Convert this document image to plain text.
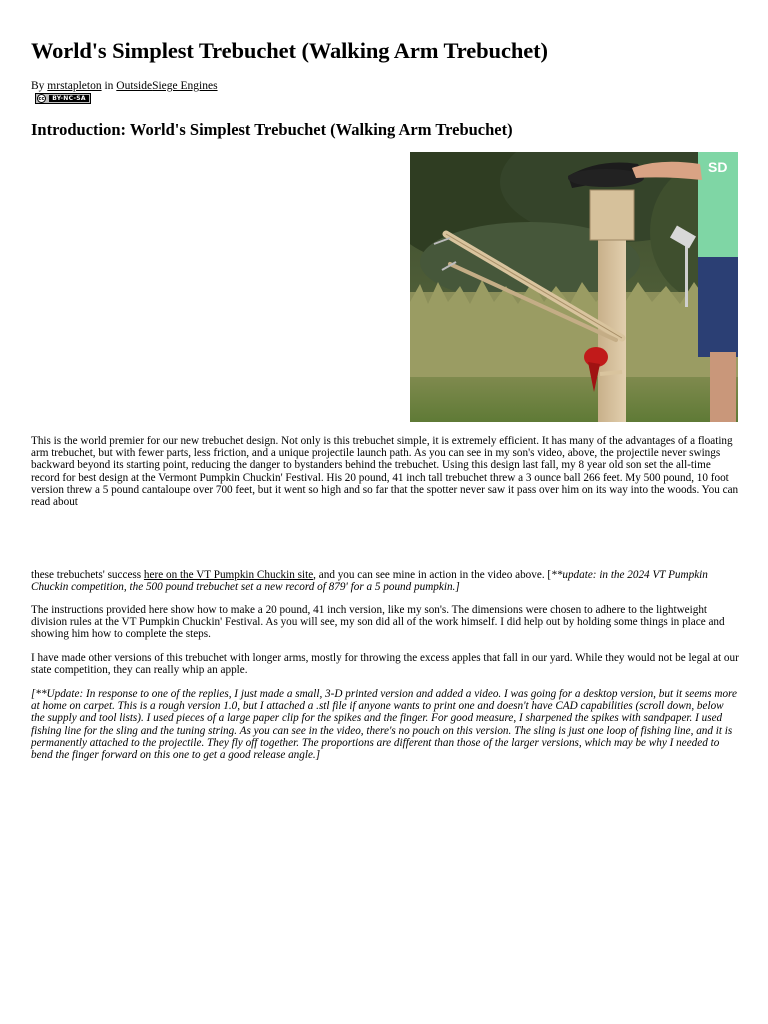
World's Simplest Trebuchet (Walking Arm Trebuchet)
By mrstapleton in OutsideSiege Engines
cc	BY-NC-SA
Introduction: World's Simplest Trebuchet (Walking Arm Trebuchet)
SD

This is the world premier for our new trebuchet design. Not only is this trebuchet simple, it is extremely efficient. It has many of the advantages of a floating arm trebuchet, but with fewer parts, less friction, and a unique projectile launch path. As you can see in my son's video, above, the projectile never swings backward beyond its starting point, reducing the danger to bystanders behind the trebuchet. Using this design last fall, my 8 year old son set the all-time record for best design at the Vermont Pumpkin Chuckin' Festival. His 20 pound, 41 inch tall trebuchet threw a 3 ounce ball 266 feet. My 500 pound, 10 foot version threw a 5 pound cantaloupe over 700 feet, but it went so high and so far that the spotter never saw it pass over him on its way into the woods. You can read about

these trebuchets' success here on the VT Pumpkin Chuckin site, and you can see mine in action in the video above. [**update: in the 2024 VT Pumpkin Chuckin competition, the 500 pound trebuchet set a new record of 879' for a 5 pound pumpkin.]

The instructions provided here show how to make a 20 pound, 41 inch version, like my son's. The dimensions were chosen to adhere to the lightweight division rules at the VT Pumpkin Chuckin' Festival. As you will see, my son did all of the work himself. I did help out by holding some things in place and showing him how to complete the steps.

I have made other versions of this trebuchet with longer arms, mostly for throwing the excess apples that fall in our yard. While they would not be legal at our state competition, they can really whip an apple.

[**Update: In response to one of the replies, I just made a small, 3-D printed version and added a video. I was going for a desktop version, but it seems more at home on carpet. This is a rough version 1.0, but I attached a .stl file if anyone wants to print one and doesn't have CAD capabilities (scroll down, below the supply and tool lists). I used pieces of a large paper clip for the spikes and the finger. For good measure, I sharpened the spikes with sandpaper. I used fishing line for the sling and the tuning string. As you can see in the video, there's no pouch on this version. The sling is just one loop of fishing line, and it is permanently attached to the projectile. They fly off together. The proportions are different than those of the larger versions, which may be why I needed to bend the finger forward on this one to get a good release angle.]
